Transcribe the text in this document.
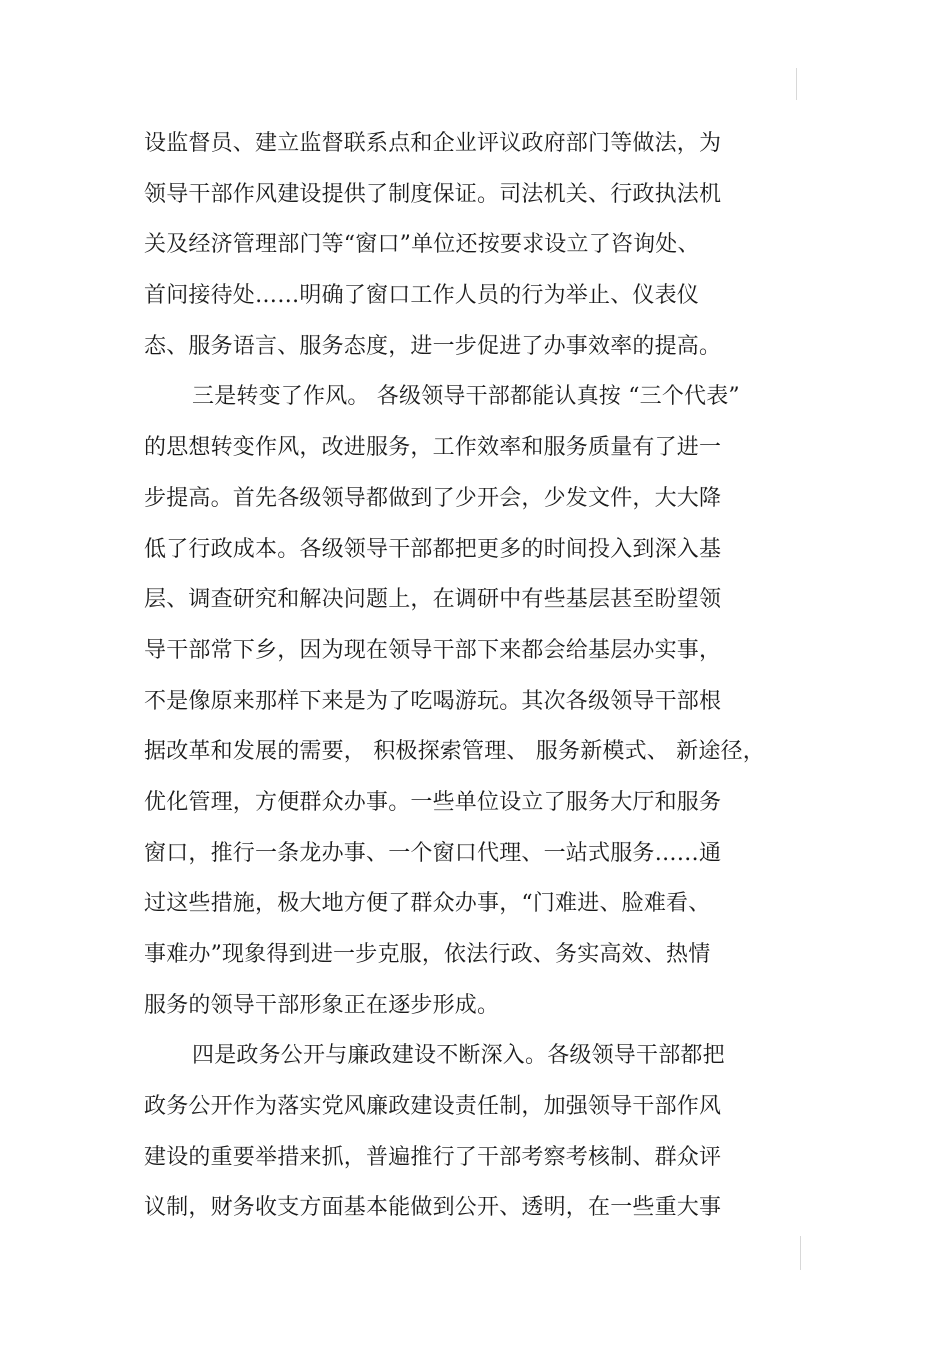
设监督员、建立监督联系点和企业评议政府部门等做法，为
领导干部作风建设提供了制度保证。司法机关、行政执法机
关及经济管理部门等“窗口”单位还按要求设立了咨询处、
首问接待处……明确了窗口工作人员的行为举止、仪表仪
态、服务语言、服务态度，进一步促进了办事效率的提高。
三是转变了作风。 各级领导干部都能认真按 “三个代表”
的思想转变作风，改进服务，工作效率和服务质量有了进一
步提高。首先各级领导都做到了少开会，少发文件，大大降
低了行政成本。各级领导干部都把更多的时间投入到深入基
层、调查研究和解决问题上，在调研中有些基层甚至盼望领
导干部常下乡，因为现在领导干部下来都会给基层办实事，
不是像原来那样下来是为了吃喝游玩。其次各级领导干部根
据改革和发展的需要， 积极探索管理、 服务新模式、 新途径，
优化管理，方便群众办事。一些单位设立了服务大厅和服务
窗口，推行一条龙办事、一个窗口代理、一站式服务……通
过这些措施，极大地方便了群众办事，“门难进、脸难看、
事难办”现象得到进一步克服，依法行政、务实高效、热情
服务的领导干部形象正在逐步形成。
四是政务公开与廉政建设不断深入。各级领导干部都把
政务公开作为落实党风廉政建设责任制，加强领导干部作风
建设的重要举措来抓，普遍推行了干部考察考核制、群众评
议制，财务收支方面基本能做到公开、透明，在一些重大事
